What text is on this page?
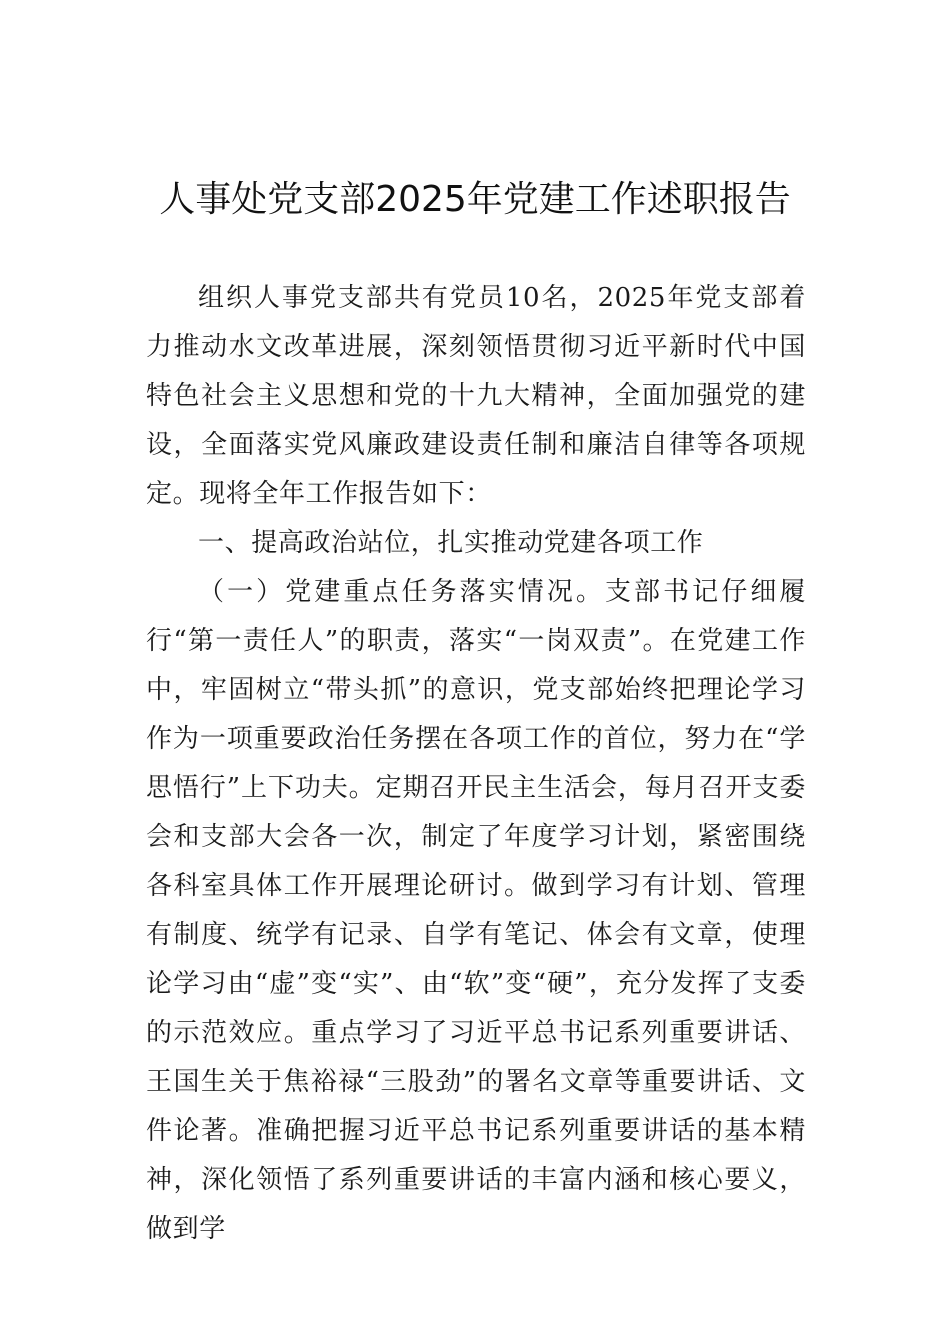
人事处党支部2025年党建工作述职报告

组织人事党支部共有党员10名，2025年党支部着力推动水文改革进展，深刻领悟贯彻习近平新时代中国特色社会主义思想和党的十九大精神，全面加强党的建设，全面落实党风廉政建设责任制和廉洁自律等各项规定。现将全年工作报告如下：

一、提高政治站位，扎实推动党建各项工作

（一）党建重点任务落实情况。支部书记仔细履行“第一责任人”的职责，落实“一岗双责”。在党建工作中，牢固树立“带头抓”的意识，党支部始终把理论学习作为一项重要政治任务摆在各项工作的首位，努力在“学思悟行”上下功夫。定期召开民主生活会，每月召开支委会和支部大会各一次，制定了年度学习计划，紧密围绕各科室具体工作开展理论研讨。做到学习有计划、管理有制度、统学有记录、自学有笔记、体会有文章，使理论学习由“虚”变“实”、由“软”变“硬”，充分发挥了支委的示范效应。重点学习了习近平总书记系列重要讲话、王国生关于焦裕禄“三股劲”的署名文章等重要讲话、文件论著。准确把握习近平总书记系列重要讲话的基本精神，深化领悟了系列重要讲话的丰富内涵和核心要义，做到学
